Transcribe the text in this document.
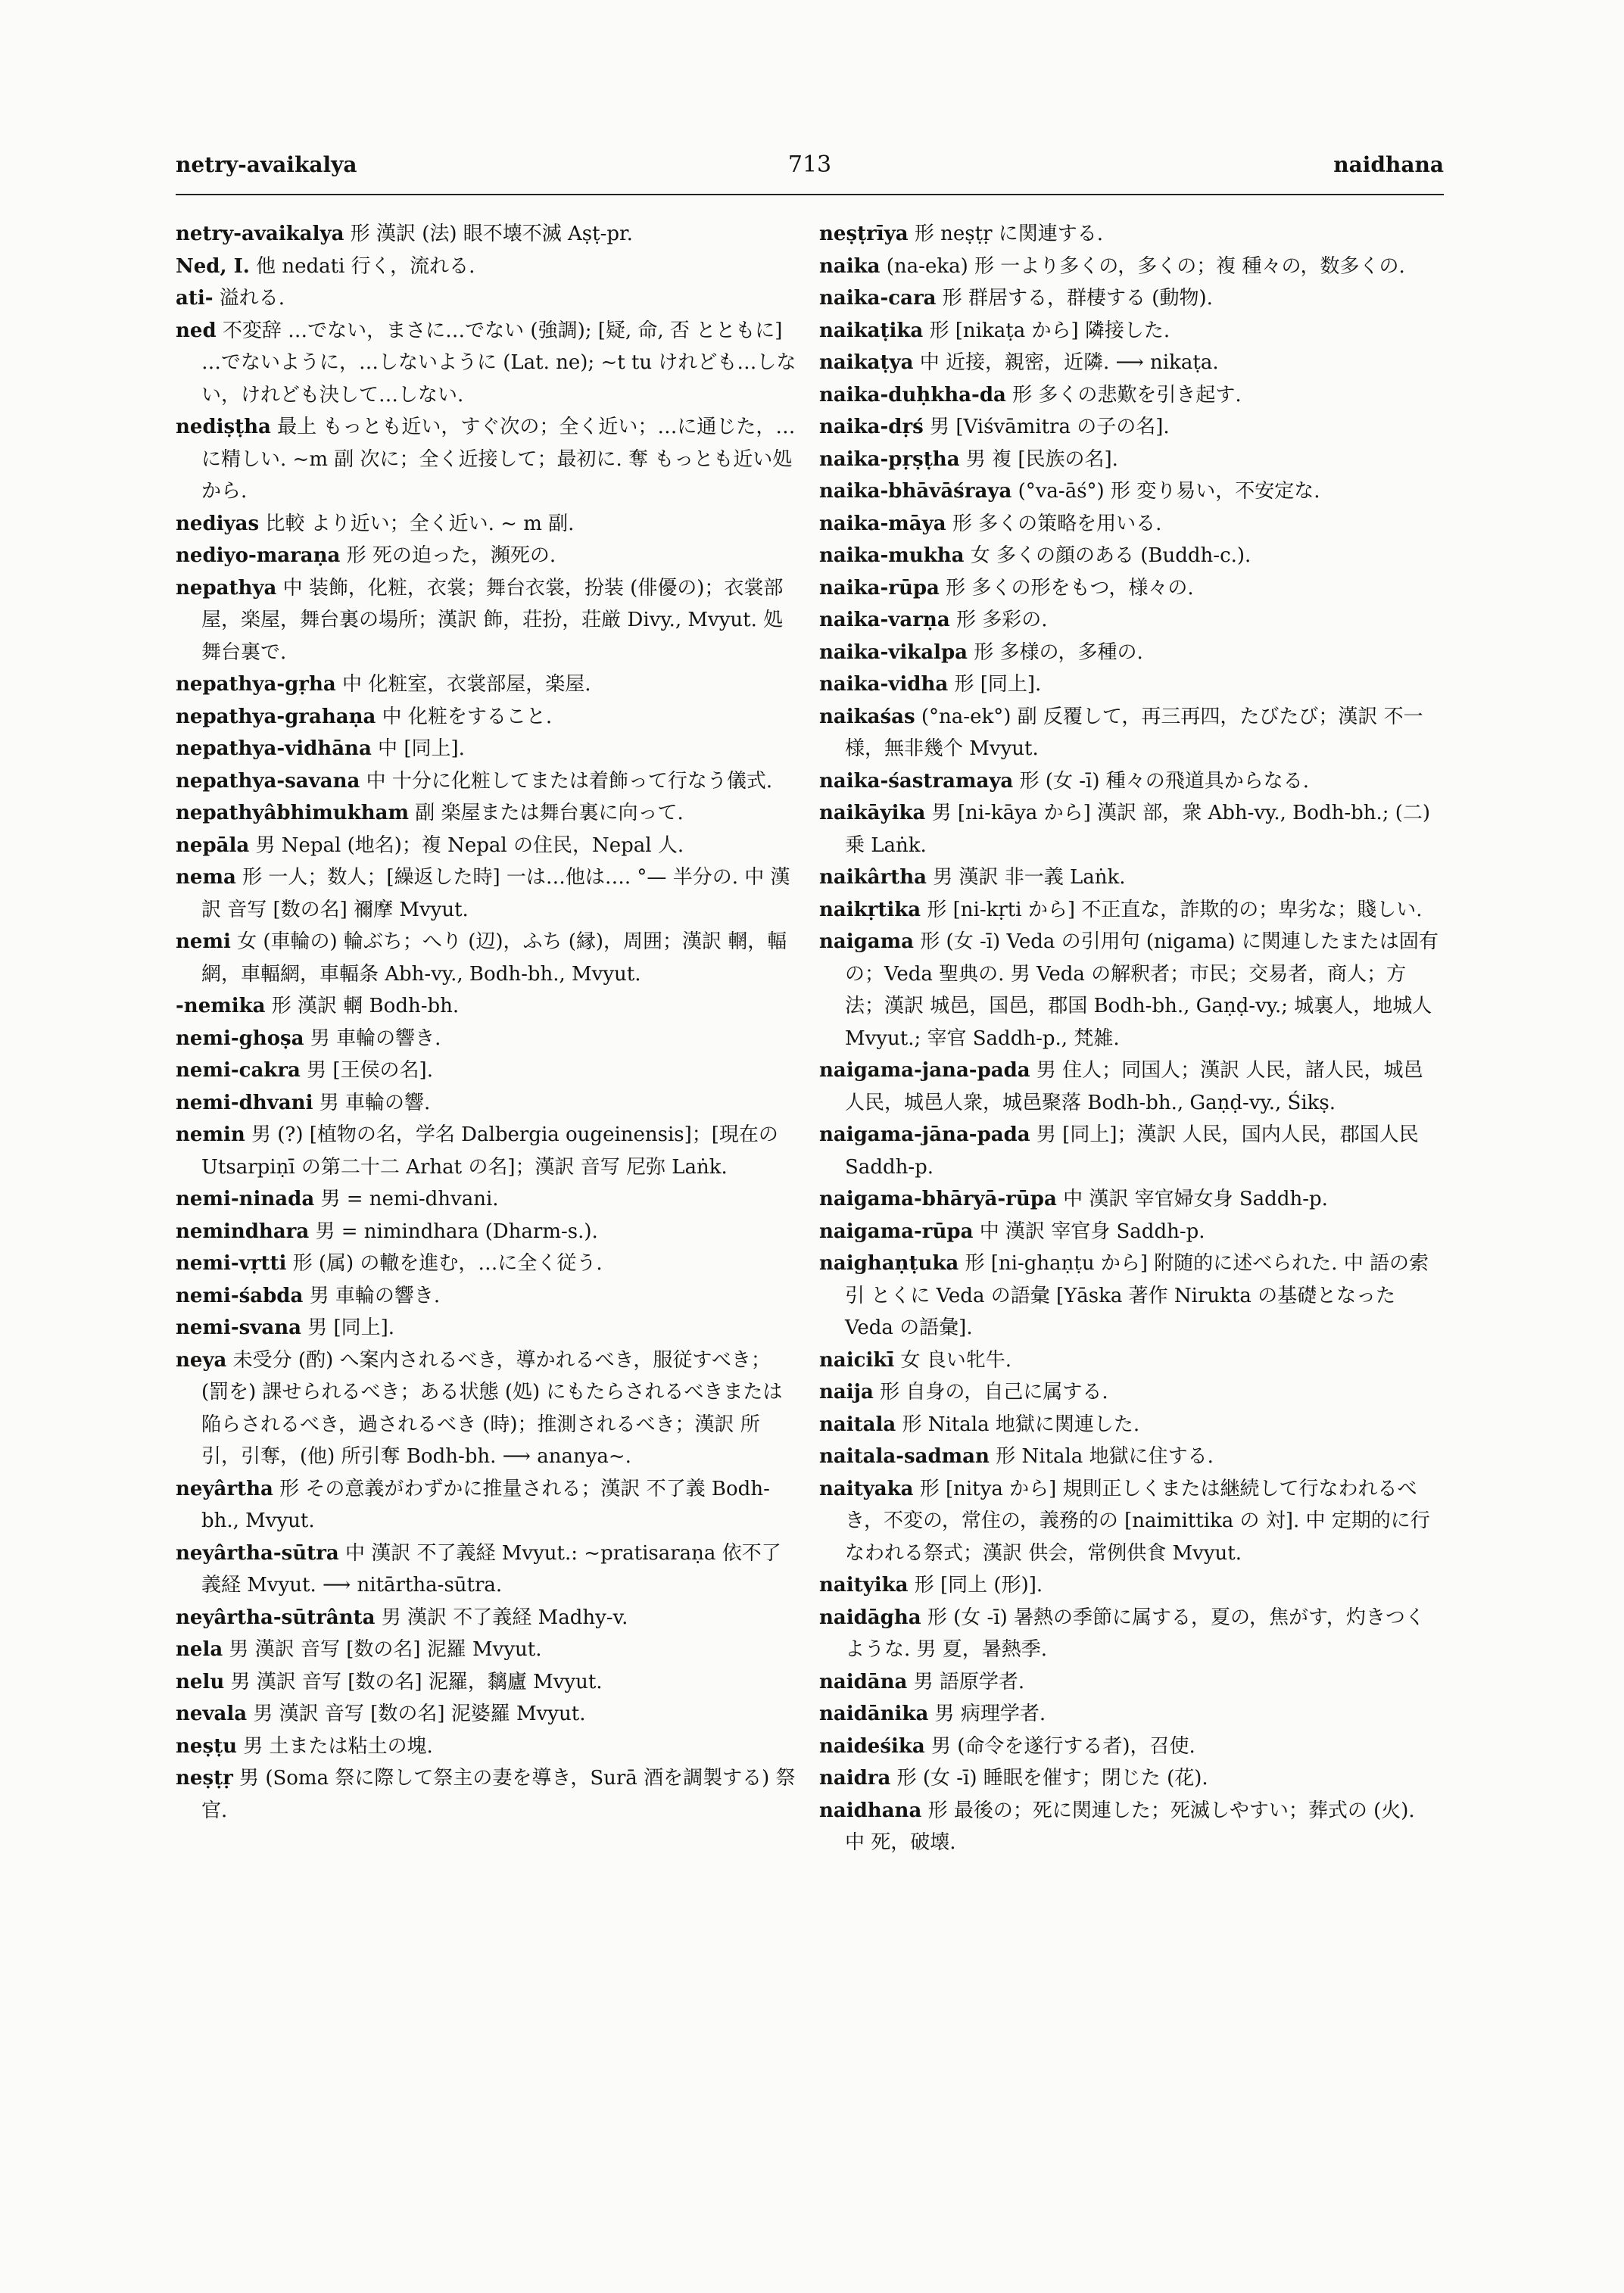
netry-avaikalya	713	naidhana

netry-avaikalya 形 漢訳 (法) 眼不壊不滅 Aṣṭ-pr.

Ned, I. 他 nedati 行く，流れる.

ati- 溢れる.

ned 不変辞 …でない，まさに…でない (強調); [疑, 命, 否 とともに] …でないように，…しないように (Lat. ne); ~t tu けれども…しない，けれども決して…しない.

nediṣṭha 最上 もっとも近い，すぐ次の；全く近い；…に通じた，…に精しい. ~m 副 次に；全く近接して；最初に. 奪 もっとも近い処から.

nediyas 比較 より近い；全く近い. ~ m 副.

nediyo-maraṇa 形 死の迫った，瀕死の.

nepathya 中 装飾，化粧，衣裳；舞台衣裳，扮装 (俳優の)；衣裳部屋，楽屋，舞台裏の場所；漢訳 飾，荘扮，荘厳 Divy., Mvyut. 処 舞台裏で.

nepathya-gṛha 中 化粧室，衣裳部屋，楽屋.

nepathya-grahaṇa 中 化粧をすること.

nepathya-vidhāna 中 [同上].

nepathya-savana 中 十分に化粧してまたは着飾って行なう儀式.

nepathyâbhimukham 副 楽屋または舞台裏に向って.

nepāla 男 Nepal (地名)；複 Nepal の住民，Nepal 人.

nema 形 一人；数人；[繰返した時] 一は…他は…. °— 半分の. 中 漢訳 音写 [数の名] 禰摩 Mvyut.

nemi 女 (車輪の) 輪ぶち；へり (辺)，ふち (縁)，周囲；漢訳 輞，輻網，車輻網，車輻条 Abh-vy., Bodh-bh., Mvyut.

-nemika 形 漢訳 輞 Bodh-bh.

nemi-ghoṣa 男 車輪の響き.

nemi-cakra 男 [王侯の名].

nemi-dhvani 男 車輪の響.

nemin 男 (?) [植物の名，学名 Dalbergia ougeinensis]；[現在の Utsarpiṇī の第二十二 Arhat の名]；漢訳 音写 尼弥 Laṅk.

nemi-ninada 男 = nemi-dhvani.

nemindhara 男 = nimindhara (Dharm-s.).

nemi-vṛtti 形 (属) の轍を進む，…に全く従う.

nemi-śabda 男 車輪の響き.

nemi-svana 男 [同上].

neya 未受分 (酌) へ案内されるべき，導かれるべき，服従すべき；(罰を) 課せられるべき；ある状態 (処) にもたらされるべきまたは陥らされるべき，過されるべき (時)；推測されるべき；漢訳 所引，引奪，(他) 所引奪 Bodh-bh. ⟶ ananya~.

neyârtha 形 その意義がわずかに推量される；漢訳 不了義 Bodh-bh., Mvyut.

neyârtha-sūtra 中 漢訳 不了義経 Mvyut.: ~pratisaraṇa 依不了義経 Mvyut. ⟶ nitārtha-sūtra.

neyârtha-sūtrânta 男 漢訳 不了義経 Madhy-v.

nela 男 漢訳 音写 [数の名] 泥羅 Mvyut.

nelu 男 漢訳 音写 [数の名] 泥羅，黐廬 Mvyut.

nevala 男 漢訳 音写 [数の名] 泥婆羅 Mvyut.

neṣṭu 男 土または粘土の塊.

neṣṭṛ 男 (Soma 祭に際して祭主の妻を導き，Surā 酒を調製する) 祭官.

neṣṭrīya 形 neṣṭṛ に関連する.

naika (na-eka) 形 一より多くの，多くの；複 種々の，数多くの.

naika-cara 形 群居する，群棲する (動物).

naikaṭika 形 [nikaṭa から] 隣接した.

naikaṭya 中 近接，親密，近隣. ⟶ nikaṭa.

naika-duḥkha-da 形 多くの悲歎を引き起す.

naika-dṛś 男 [Viśvāmitra の子の名].

naika-pṛṣṭha 男 複 [民族の名].

naika-bhāvāśraya (°va-āś°) 形 変り易い，不安定な.

naika-māya 形 多くの策略を用いる.

naika-mukha 女 多くの顔のある (Buddh-c.).

naika-rūpa 形 多くの形をもつ，様々の.

naika-varṇa 形 多彩の.

naika-vikalpa 形 多様の，多種の.

naika-vidha 形 [同上].

naikaśas (°na-ek°) 副 反覆して，再三再四，たびたび；漢訳 不一様，無非幾个 Mvyut.

naika-śastramaya 形 (女 -ī) 種々の飛道具からなる.

naikāyika 男 [ni-kāya から] 漢訳 部，衆 Abh-vy., Bodh-bh.; (二) 乗 Laṅk.

naikârtha 男 漢訳 非一義 Laṅk.

naikṛtika 形 [ni-kṛti から] 不正直な，詐欺的の；卑劣な；賤しい.

naigama 形 (女 -ī) Veda の引用句 (nigama) に関連したまたは固有の；Veda 聖典の. 男 Veda の解釈者；市民；交易者，商人；方法；漢訳 城邑，国邑，郡国 Bodh-bh., Gaṇḍ-vy.; 城裏人，地城人 Mvyut.; 宰官 Saddh-p., 梵雑.

naigama-jana-pada 男 住人；同国人；漢訳 人民，諸人民，城邑人民，城邑人衆，城邑聚落 Bodh-bh., Gaṇḍ-vy., Śikṣ.

naigama-jāna-pada 男 [同上]；漢訳 人民，国内人民，郡国人民 Saddh-p.

naigama-bhāryā-rūpa 中 漢訳 宰官婦女身 Saddh-p.

naigama-rūpa 中 漢訳 宰官身 Saddh-p.

naighaṇṭuka 形 [ni-ghaṇṭu から] 附随的に述べられた. 中 語の索引 とくに Veda の語彙 [Yāska 著作 Nirukta の基礎となった Veda の語彙].

naicikī 女 良い牝牛.

naija 形 自身の，自己に属する.

naitala 形 Nitala 地獄に関連した.

naitala-sadman 形 Nitala 地獄に住する.

naityaka 形 [nitya から] 規則正しくまたは継続して行なわれるべき，不変の，常住の，義務的の [naimittika の 対]. 中 定期的に行なわれる祭式；漢訳 供会，常例供食 Mvyut.

naityika 形 [同上 (形)].

naidāgha 形 (女 -ī) 暑熱の季節に属する，夏の，焦がす，灼きつくような. 男 夏，暑熱季.

naidāna 男 語原学者.

naidānika 男 病理学者.

naideśika 男 (命令を遂行する者)，召使.

naidra 形 (女 -ī) 睡眠を催す；閉じた (花).

naidhana 形 最後の；死に関連した；死滅しやすい；葬式の (火). 中 死，破壊.
